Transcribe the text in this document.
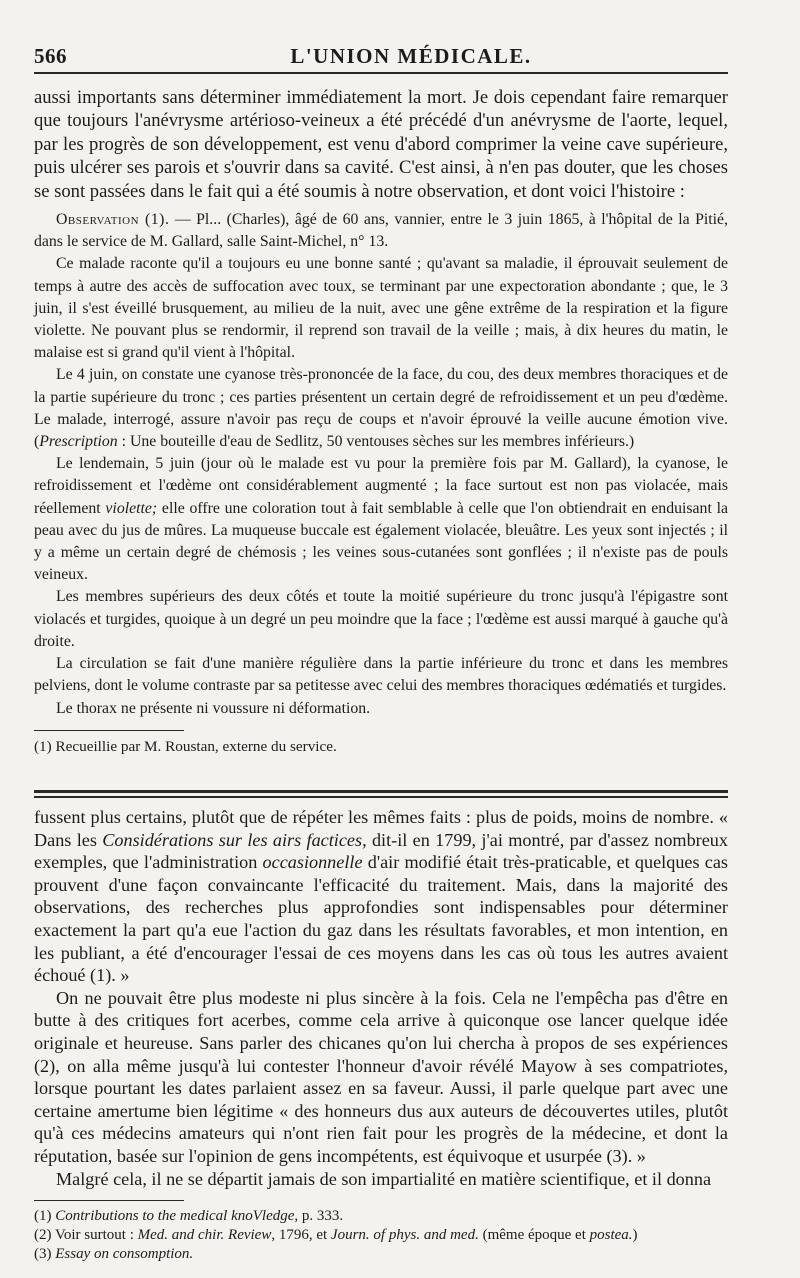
566	L'UNION MÉDICALE.

aussi importants sans déterminer immédiatement la mort. Je dois cependant faire remarquer que toujours l'anévrysme artérioso-veineux a été précédé d'un anévrysme de l'aorte, lequel, par les progrès de son développement, est venu d'abord comprimer la veine cave supérieure, puis ulcérer ses parois et s'ouvrir dans sa cavité. C'est ainsi, à n'en pas douter, que les choses se sont passées dans le fait qui a été soumis à notre observation, et dont voici l'histoire :

Observation (1). — Pl... (Charles), âgé de 60 ans, vannier, entre le 3 juin 1865, à l'hôpital de la Pitié, dans le service de M. Gallard, salle Saint-Michel, n° 13.

Ce malade raconte qu'il a toujours eu une bonne santé ; qu'avant sa maladie, il éprouvait seulement de temps à autre des accès de suffocation avec toux, se terminant par une expectoration abondante ; que, le 3 juin, il s'est éveillé brusquement, au milieu de la nuit, avec une gêne extrême de la respiration et la figure violette. Ne pouvant plus se rendormir, il reprend son travail de la veille ; mais, à dix heures du matin, le malaise est si grand qu'il vient à l'hôpital.

Le 4 juin, on constate une cyanose très-prononcée de la face, du cou, des deux membres thoraciques et de la partie supérieure du tronc ; ces parties présentent un certain degré de refroidissement et un peu d'œdème. Le malade, interrogé, assure n'avoir pas reçu de coups et n'avoir éprouvé la veille aucune émotion vive. (Prescription : Une bouteille d'eau de Sedlitz, 50 ventouses sèches sur les membres inférieurs.)

Le lendemain, 5 juin (jour où le malade est vu pour la première fois par M. Gallard), la cyanose, le refroidissement et l'œdème ont considérablement augmenté ; la face surtout est non pas violacée, mais réellement violette; elle offre une coloration tout à fait semblable à celle que l'on obtiendrait en enduisant la peau avec du jus de mûres. La muqueuse buccale est également violacée, bleuâtre. Les yeux sont injectés ; il y a même un certain degré de chémosis ; les veines sous-cutanées sont gonflées ; il n'existe pas de pouls veineux.

Les membres supérieurs des deux côtés et toute la moitié supérieure du tronc jusqu'à l'épigastre sont violacés et turgides, quoique à un degré un peu moindre que la face ; l'œdème est aussi marqué à gauche qu'à droite.

La circulation se fait d'une manière régulière dans la partie inférieure du tronc et dans les membres pelviens, dont le volume contraste par sa petitesse avec celui des membres thoraciques œdématiés et turgides.

Le thorax ne présente ni voussure ni déformation.

(1) Recueillie par M. Roustan, externe du service.

fussent plus certains, plutôt que de répéter les mêmes faits : plus de poids, moins de nombre. « Dans les Considérations sur les airs factices, dit-il en 1799, j'ai montré, par d'assez nombreux exemples, que l'administration occasionnelle d'air modifié était très-praticable, et quelques cas prouvent d'une façon convaincante l'efficacité du traitement. Mais, dans la majorité des observations, des recherches plus approfondies sont indispensables pour déterminer exactement la part qu'a eue l'action du gaz dans les résultats favorables, et mon intention, en les publiant, a été d'encourager l'essai de ces moyens dans les cas où tous les autres avaient échoué (1). »

On ne pouvait être plus modeste ni plus sincère à la fois. Cela ne l'empêcha pas d'être en butte à des critiques fort acerbes, comme cela arrive à quiconque ose lancer quelque idée originale et heureuse. Sans parler des chicanes qu'on lui chercha à propos de ses expériences (2), on alla même jusqu'à lui contester l'honneur d'avoir révélé Mayow à ses compatriotes, lorsque pourtant les dates parlaient assez en sa faveur. Aussi, il parle quelque part avec une certaine amertume bien légitime « des honneurs dus aux auteurs de découvertes utiles, plutôt qu'à ces médecins amateurs qui n'ont rien fait pour les progrès de la médecine, et dont la réputation, basée sur l'opinion de gens incompétents, est équivoque et usurpée (3). »

Malgré cela, il ne se départit jamais de son impartialité en matière scientifique, et il donna

(1) Contributions to the medical knoVledge, p. 333.

(2) Voir surtout : Med. and chir. Review, 1796, et Journ. of phys. and med. (même époque et postea.)

(3) Essay on consomption.
